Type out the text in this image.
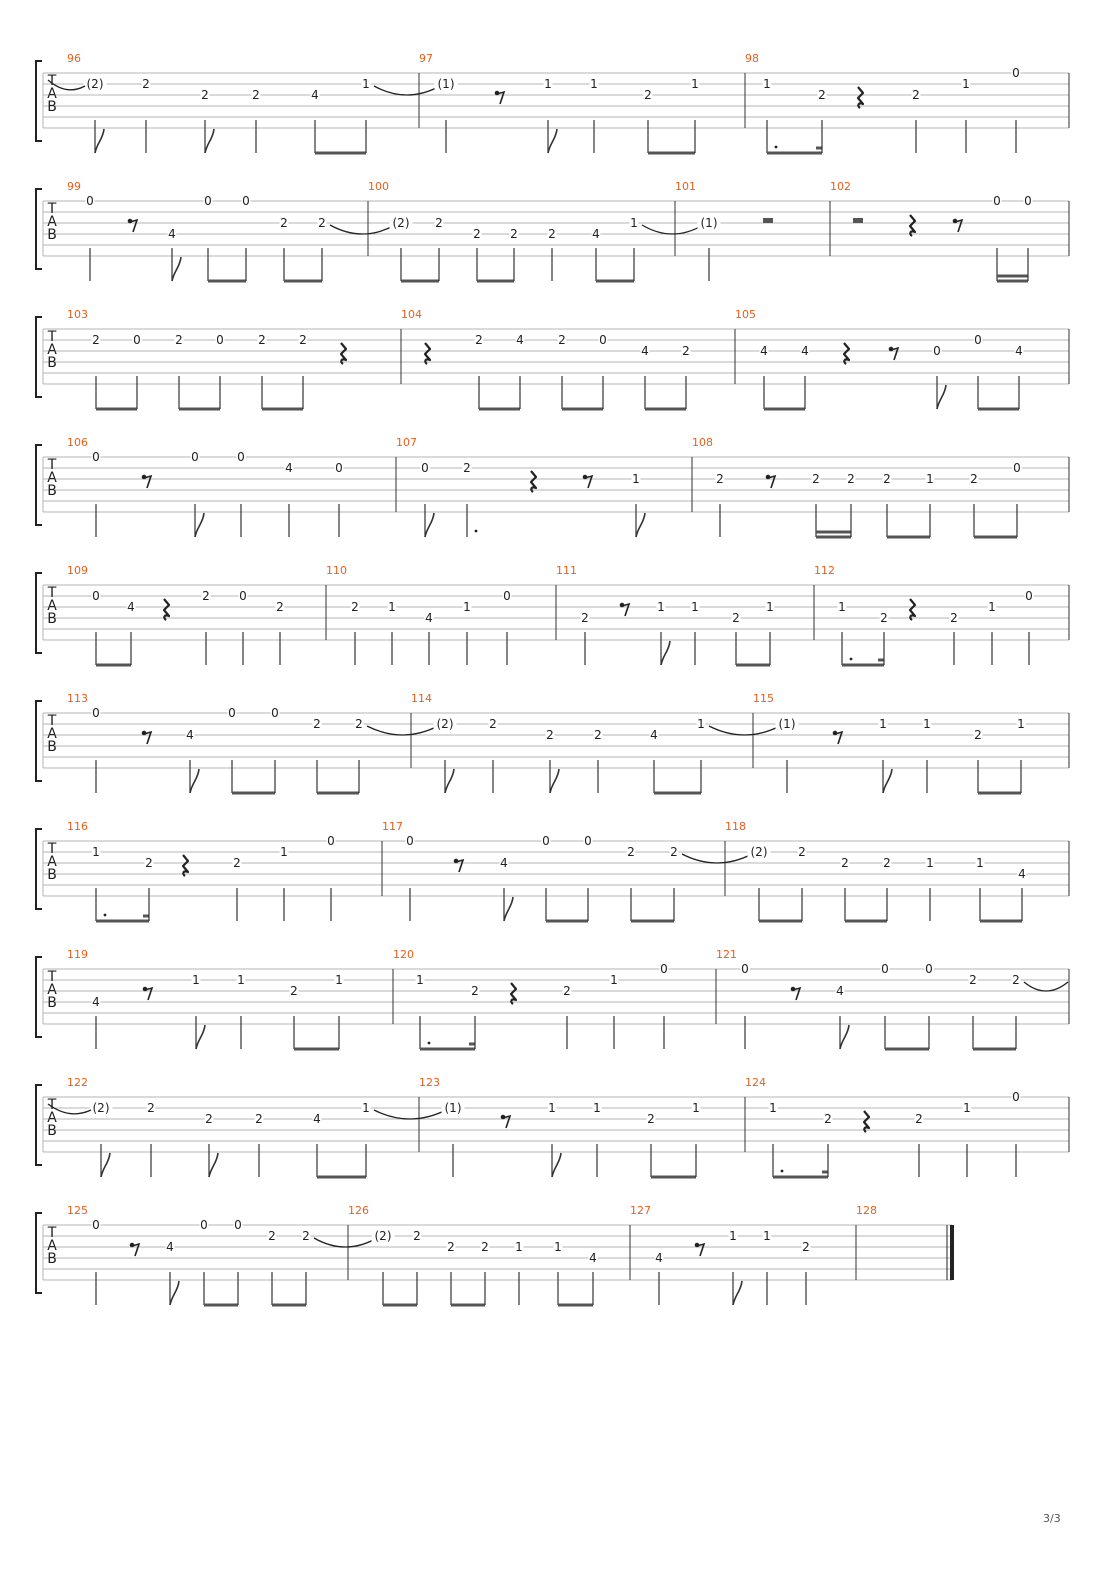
T
A
B
96
(2)	2
2	2	4
1
97
(1)	1	1
2
1
98
1
2	2
1
0
T
A
B
99
0
4
0	0
2	2
100
(2) 2
2 2	2	4
1
101
(1)
102
0 0
T
A
B
103
2	0	2	0	2	2
104
2	4	2	0
4	2
105
4	4	0
0
4
T
A
B
106
0	0	0
4	0
107
0	2
1
108
2	2 2 2	1	2
0
T
A
B
109
0
4
2 0
2
110
2 1
4
1
0
111
2
1 1
2
1
112
1
2	2
1
0
T
A
B
113
0
4
0	0
2	2
114
(2)	2
2	2	4
1
115
(1)	1	1
2
1
T
A
B
116
1
2	2
1
0
117
0
4
0	0
2	2
118
(2)	2
2	2	1	1
4
T
A
B
119
4
1	1
2
1
120
1
2	2
1
0
121
0
4
0	0
2	2
T
A
B
122
(2)	2
2	2	4
1
123
(1)	1	1
2
1
124
1
2	2
1
0
T
A
B
125
0
4
0 0
2 2
126
(2) 2
2 2 1	1
4
127
4
1 1
2
128
3/3
